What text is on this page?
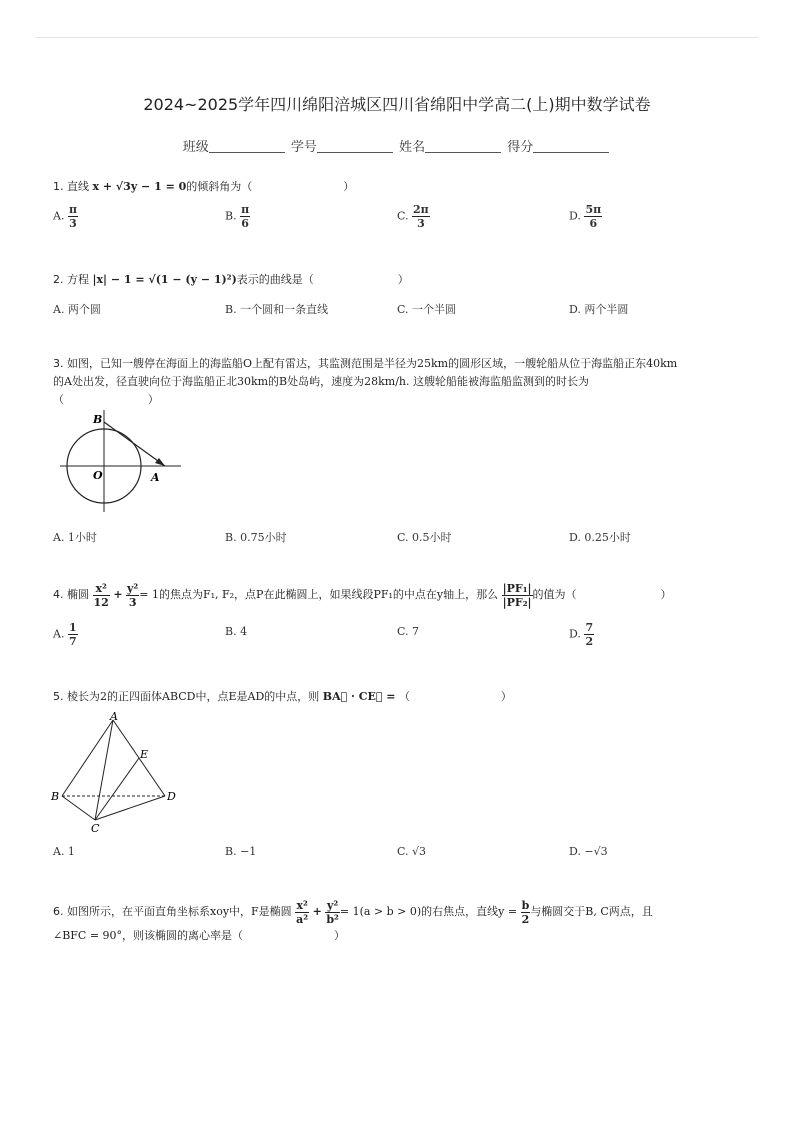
2024~2025学年四川绵阳涪城区四川省绵阳中学高二(上)期中数学试卷
班级	学号	姓名	得分
1. 直线 x + √3y − 1 = 0的倾斜角为（	）
A. $\frac{\pi}{3}$	B. $\frac{\pi}{6}$	C. $\frac{2\pi}{3}$	D. $\frac{5\pi}{6}$
2. 方程 |x| − 1 = √(1 − (y − 1)²)表示的曲线是（	）
A. 两个圆	B. 一个圆和一条直线	C. 一个半圆	D. 两个半圆
3. 如图，已知一艘停在海面上的海监船O上配有雷达，其监测范围是半径为25km的圆形区域，一艘轮船从位于海监船正东40km
的A处出发，径直驶向位于海监船正北30km的B处岛屿，速度为28km/h. 这艘轮船能被海监船监测到的时长为
（                        ）
B
O	A
A. 1小时	B. 0.75小时	C. 0.5小时	D. 0.25小时
4. 椭圆 $\frac{\text{x²}}{12} + \frac{\text{y²}}{3} = 1$的焦点为F₁, F₂，点P在此椭圆上，如果线段PF₁的中点在y轴上，那么 $\frac{\text{|PF₁|}}{\text{|PF₂|}}$ 的值为（	）
A. $\frac{1}{7}$	B. 4	C. 7	D. $\frac{7}{2}$
5. 棱长为2的正四面体ABCD中，点E是AD的中点，则 BA⃗ · CE⃗ = （	）
A
E
B	D
C
A. 1	B. −1	C. √3	D. −√3
6. 如图所示，在平面直角坐标系xoy中，F是椭圆 $\frac{\text{x²}}{\text{a²}} + \frac{\text{y²}}{\text{b²}} = 1(a > b > 0)$的右焦点，直线$y = \frac{b}{2}$ 与椭圆交于B, C两点，且
∠BFC = 90°，则该椭圆的离心率是（	）
